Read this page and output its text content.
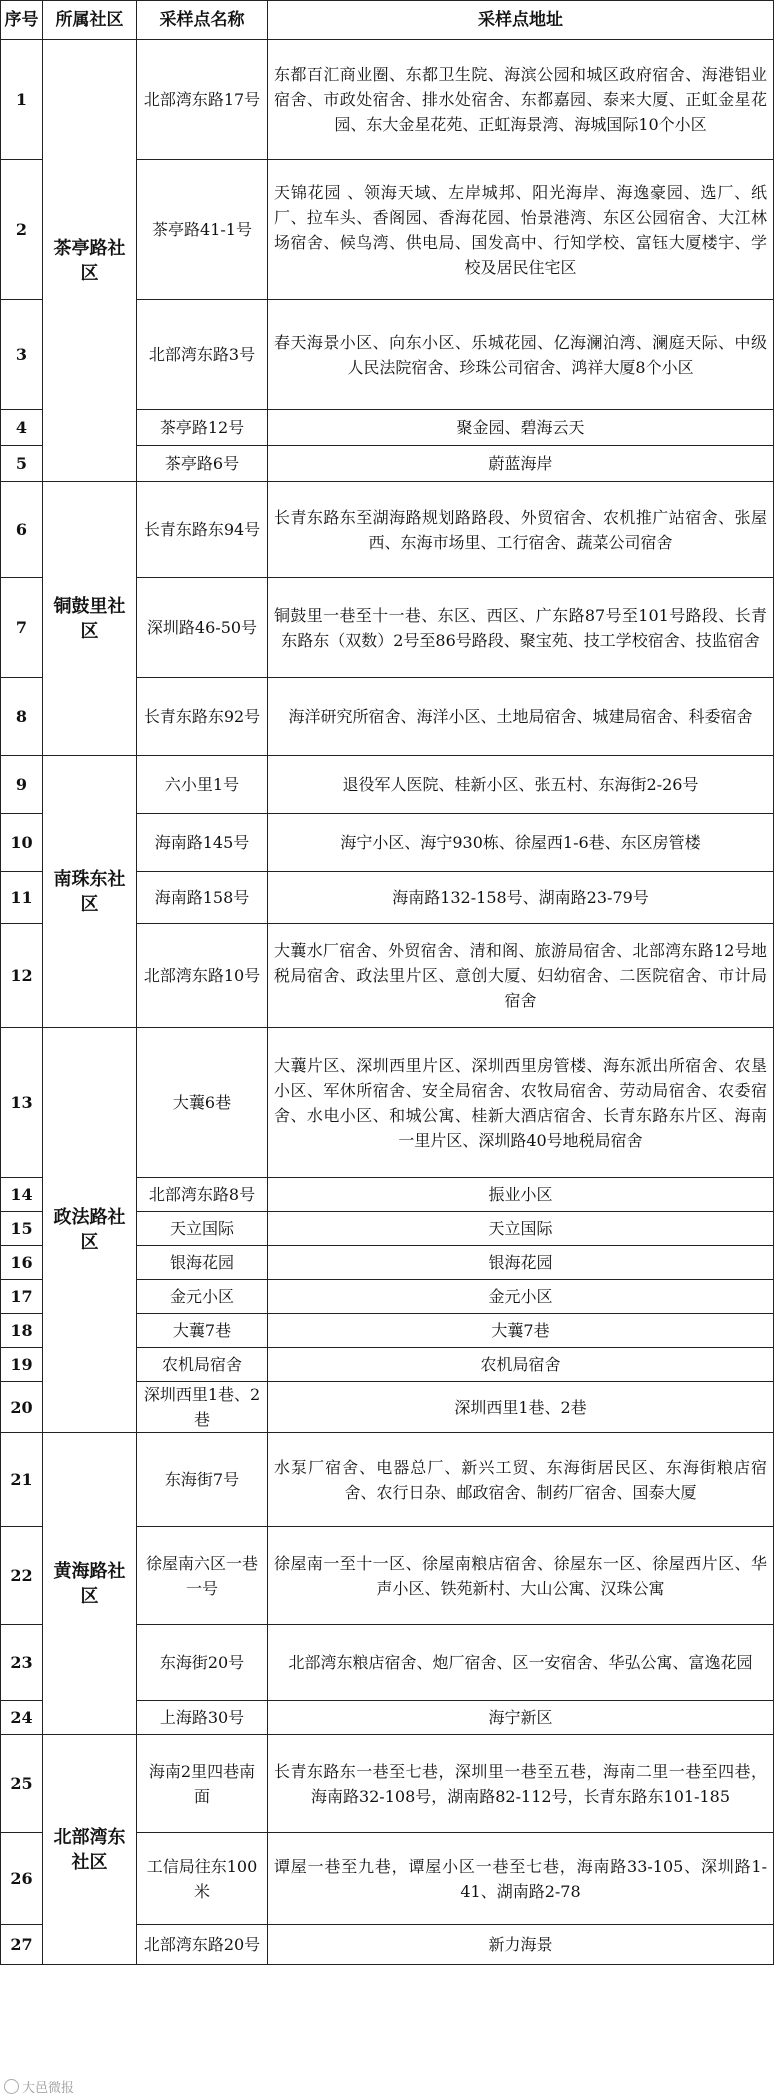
序号	所属社区	采样点名称	采样点地址
1	茶亭路社区	北部湾东路17号	东都百汇商业圈、东都卫生院、海滨公园和城区政府宿舍、海港铝业宿舍、市政处宿舍、排水处宿舍、东都嘉园、泰来大厦、正虹金星花园、东大金星花苑、正虹海景湾、海城国际10个小区
2		茶亭路41-1号	天锦花园 、领海天域、左岸城邦、阳光海岸、海逸豪园、选厂、纸厂、拉车头、香阁园、香海花园、怡景港湾、东区公园宿舍、大江林场宿舍、候鸟湾、供电局、国发高中、行知学校、富钰大厦楼宇、学校及居民住宅区
3		北部湾东路3号	春天海景小区、向东小区、乐城花园、亿海澜泊湾、澜庭天际、中级人民法院宿舍、珍珠公司宿舍、鸿祥大厦8个小区
4		茶亭路12号	聚金园、碧海云天
5		茶亭路6号	蔚蓝海岸
6	铜鼓里社区	长青东路东94号	长青东路东至湖海路规划路路段、外贸宿舍、农机推广站宿舍、张屋西、东海市场里、工行宿舍、蔬菜公司宿舍
7		深圳路46-50号	铜鼓里一巷至十一巷、东区、西区、广东路87号至101号路段、长青东路东（双数）2号至86号路段、聚宝苑、技工学校宿舍、技监宿舍
8		长青东路东92号	海洋研究所宿舍、海洋小区、土地局宿舍、城建局宿舍、科委宿舍
9	南珠东社区	六小里1号	退役军人医院、桂新小区、张五村、东海街2-26号
10		海南路145号	海宁小区、海宁930栋、徐屋西1-6巷、东区房管楼
11		海南路158号	海南路132-158号、湖南路23-79号
12		北部湾东路10号	大蘘水厂宿舍、外贸宿舍、清和阁、旅游局宿舍、北部湾东路12号地税局宿舍、政法里片区、意创大厦、妇幼宿舍、二医院宿舍、市计局宿舍
13	政法路社区	大蘘6巷	大蘘片区、深圳西里片区、深圳西里房管楼、海东派出所宿舍、农垦小区、军休所宿舍、安全局宿舍、农牧局宿舍、劳动局宿舍、农委宿舍、水电小区、和城公寓、桂新大酒店宿舍、长青东路东片区、海南一里片区、深圳路40号地税局宿舍
14		北部湾东路8号	振业小区
15		天立国际	天立国际
16		银海花园	银海花园
17		金元小区	金元小区
18		大蘘7巷	大蘘7巷
19		农机局宿舍	农机局宿舍
20		深圳西里1巷、2巷	深圳西里1巷、2巷
21	黄海路社区	东海街7号	水泵厂宿舍、电器总厂、新兴工贸、东海街居民区、东海街粮店宿舍、农行日杂、邮政宿舍、制药厂宿舍、国泰大厦
22		徐屋南六区一巷一号	徐屋南一至十一区、徐屋南粮店宿舍、徐屋东一区、徐屋西片区、华声小区、铁苑新村、大山公寓、汉珠公寓
23		东海街20号	北部湾东粮店宿舍、炮厂宿舍、区一安宿舍、华弘公寓、富逸花园
24		上海路30号	海宁新区
25	北部湾东社区	海南2里四巷南面	长青东路东一巷至七巷，深圳里一巷至五巷，海南二里一巷至四巷，海南路32-108号，湖南路82-112号，长青东路东101-185
26		工信局往东100米	谭屋一巷至九巷，谭屋小区一巷至七巷，海南路33-105、深圳路1-41、湖南路2-78
27		北部湾东路20号	新力海景
大邑微报
